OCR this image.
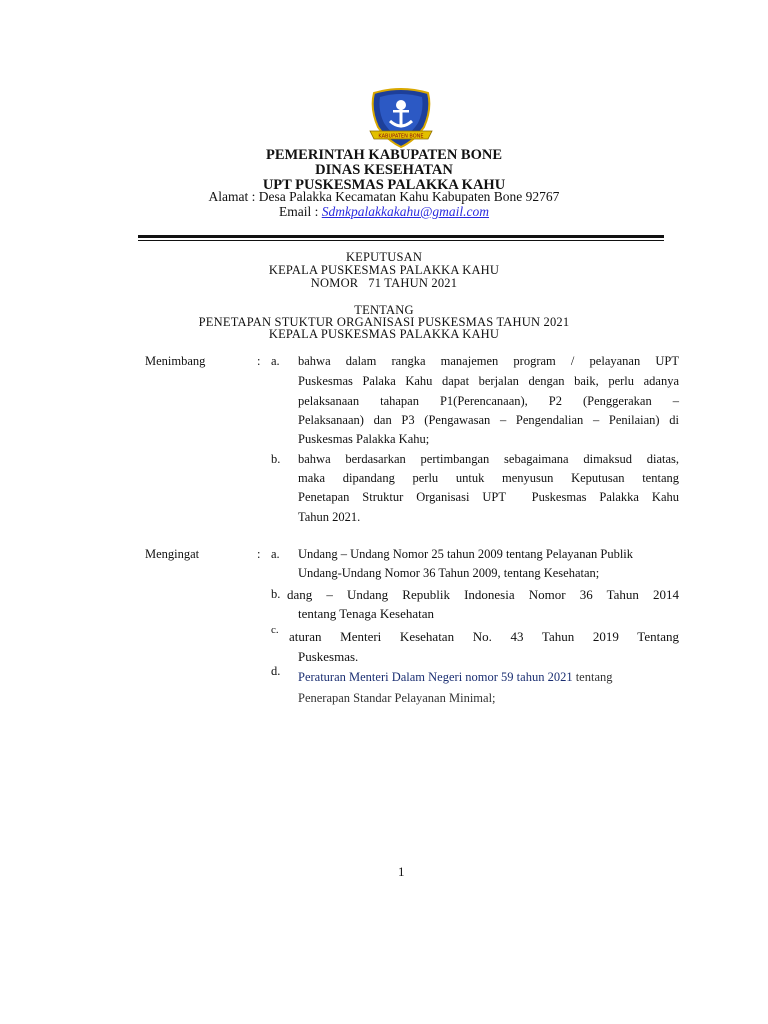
KABUPATEN BONE
PEMERINTAH KABUPATEN BONE
DINAS KESEHATAN
UPT PUSKESMAS PALAKKA KAHU
Alamat : Desa Palakka Kecamatan Kahu Kabupaten Bone 92767
Email : Sdmkpalakkakahu@gmail.com
KEPUTUSAN
KEPALA PUSKESMAS PALAKKA KAHU
NOMOR   71 TAHUN 2021
TENTANG
PENETAPAN STUKTUR ORGANISASI PUSKESMAS TAHUN 2021
KEPALA PUSKESMAS PALAKKA KAHU
Menimbang	: a. bahwa dalam rangka manajemen program / pelayanan UPT
Puskesmas Palaka Kahu dapat berjalan dengan baik, perlu adanya
pelaksanaan tahapan P1(Perencanaan), P2 (Penggerakan –
Pelaksanaan) dan P3 (Pengawasan – Pengendalian – Penilaian) di
Puskesmas Palakka Kahu;
b. bahwa berdasarkan pertimbangan sebagaimana dimaksud diatas,
maka dipandang perlu untuk menyusun Keputusan tentang
Penetapan Struktur Organisasi UPT  Puskesmas Palakka Kahu
Tahun 2021.
Mengingat	: a. Undang – Undang Nomor 25 tahun 2009 tentang Pelayanan Publik
Undang-Undang Nomor 36 Tahun 2009, tentang Kesehatan;
b. dang – Undang Republik Indonesia Nomor 36 Tahun 2014
tentang Tenaga Kesehatan
c. aturan Menteri Kesehatan No. 43 Tahun 2019 Tentang
Puskesmas.
d. Peraturan Menteri Dalam Negeri nomor 59 tahun 2021 tentang
Penerapan Standar Pelayanan Minimal;
1
